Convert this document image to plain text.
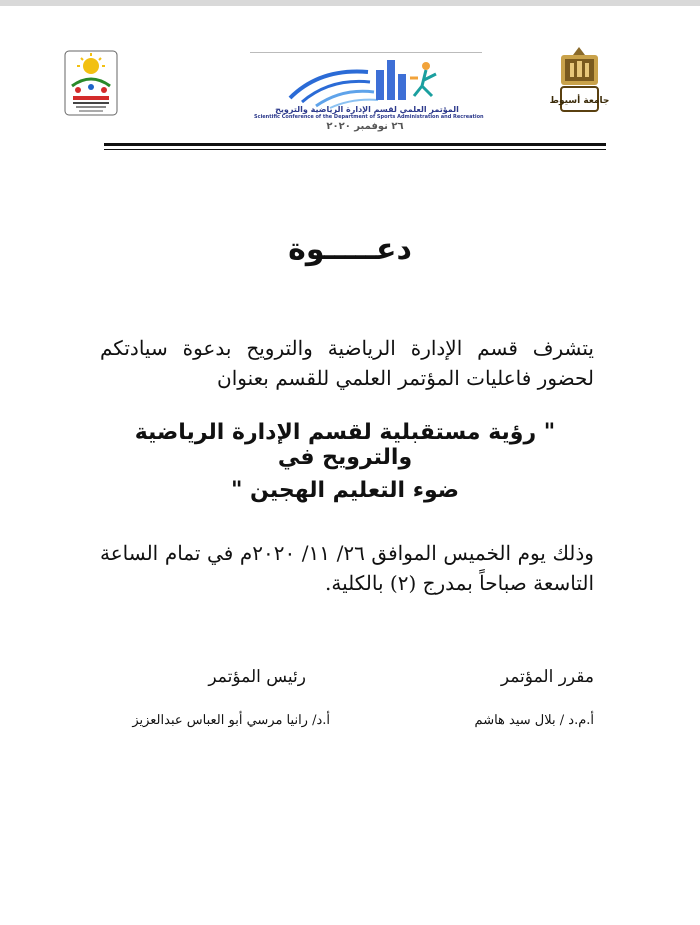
المؤتمر العلمي لقسم الإدارة الرياضية والترويح
Scientific Conference of the Department of Sports Administration and Recreation
٢٦ نوفمبر ٢٠٢٠
جامعة أسيوط
دعـــــوة
يتشرف قسم الإدارة الرياضية والترويح بدعوة سيادتكم لحضور فاعليات المؤتمر العلمي للقسم بعنوان
" رؤية مستقبلية لقسم الإدارة الرياضية والترويح في
ضوء التعليم الهجين "
وذلك يوم الخميس الموافق ٢٦/ ١١/ ٢٠٢٠م في تمام الساعة التاسعة صباحاً بمدرج (٢) بالكلية.
مقرر المؤتمر
رئيس المؤتمر
أ.م.د / بلال سيد هاشم
أ.د/ رانيا مرسي أبو العباس عبدالعزيز
